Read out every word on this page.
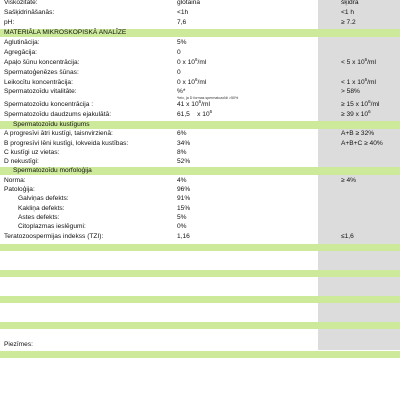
Viskozitāte:	glotaina	šķidra
Sašķidrināšanās:	<1h	<1 h
pH:	7,6	≥ 7.2
MATERIĀLA MIKROSKOPISKĀ ANALĪZE
Aglutinācija:	5%
Agregācija:	0
Apaļo šūnu koncentrācija:	0 x $10^6/ml$	< 5 x $10^6/ml$
Spermatoģenēzes šūnas:	0
Leikocītu koncentrācija:	0 x $10^6/ml$	< 1 x $10^6/ml$
Spermatozoīdu vitalitāte:	%*	> 58%
*teic, ja D formas spermatozoīdi >50%
Spermatozoīdu koncentrācija :	41 x $10^6/ml$	≥ 15 x $10^6/ml$
Spermatozoīdu daudzums ejakulātā:	61,5    x $10^6$	≥ 39 x $10^6$
Spermatozoīdu kustīgums
A progresīvi ātri kustīgi, taisnvirzienā:	6%	A+B ≥ 32%
B progresīvi lēni kustīgi, lokveida kustības:	34%	A+B+C ≥ 40%
C kustīgi uz vietas:	8%
D nekustīgi:	52%
Spermatozoīdu morfoloģija
Norma:	4%	≥ 4%
Patoloģija:	96%
Galviņas defekts:	91%
Kakliņa defekts:	15%
Astes defekts:	5%
Citoplazmas ieslēgumi:	0%
Teratozoospermijas indekss (TZI):	1,16	≤1,6
Piezīmes:
